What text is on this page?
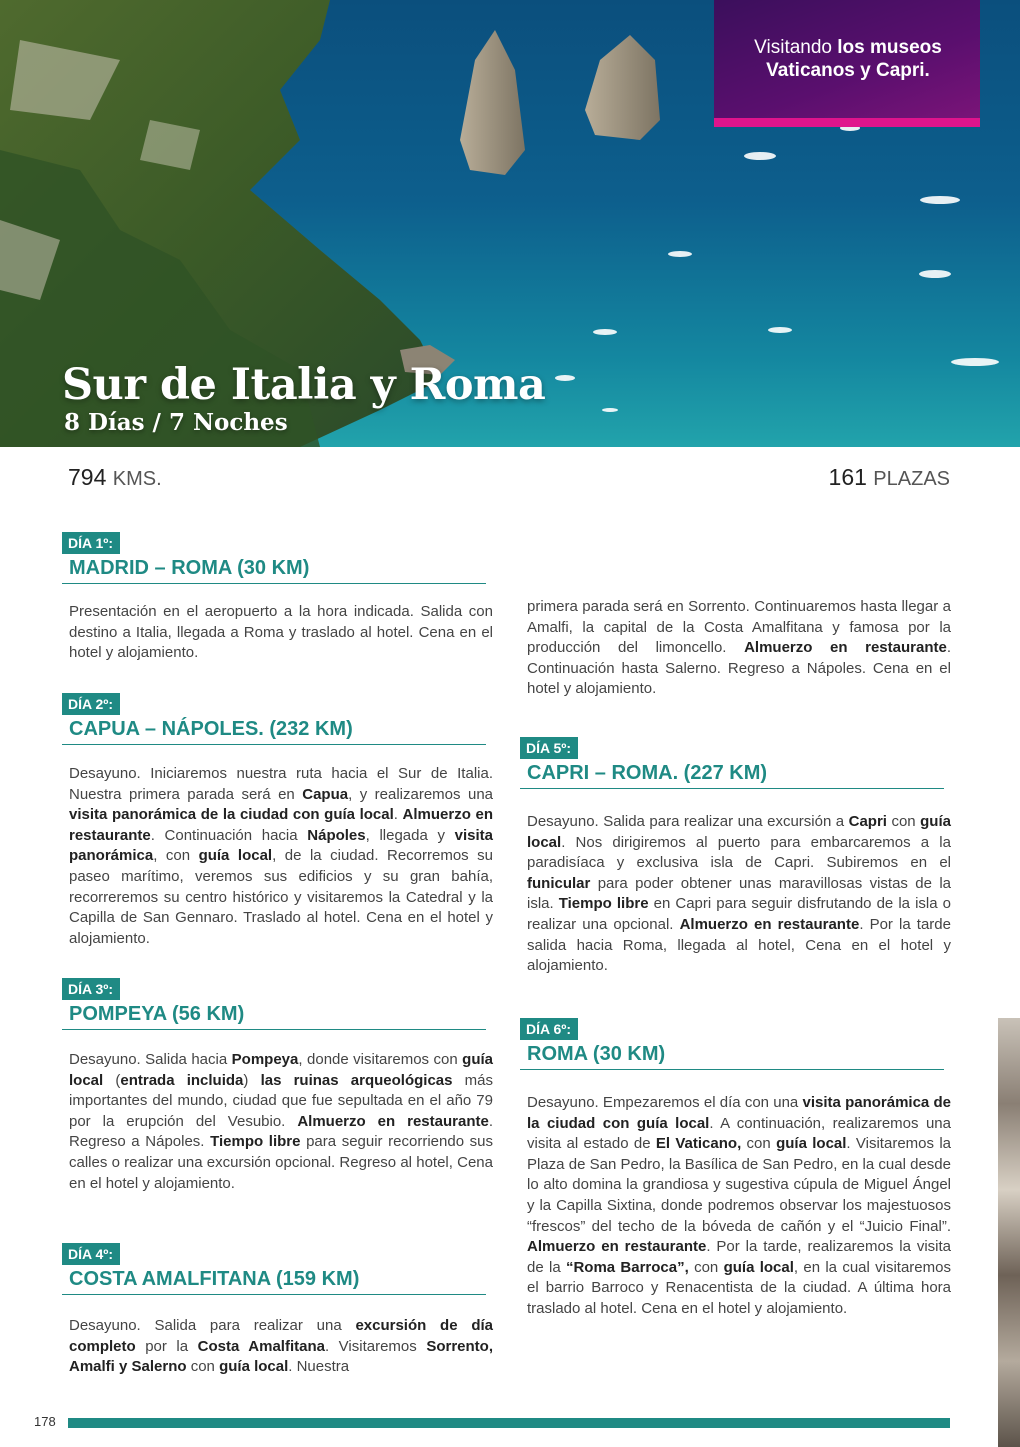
Visitando los museos
Vaticanos y Capri.
Sur de Italia y Roma
8 Días / 7 Noches
794 KMS.	161 PLAZAS
DÍA 1º:
MADRID – ROMA (30 KM)
Presentación en el aeropuerto a la hora indicada. Salida con destino a Italia, llegada a Roma y traslado al hotel. Cena en el hotel y alojamiento.
DÍA 2º:
CAPUA – NÁPOLES. (232 KM)
Desayuno. Iniciaremos nuestra ruta hacia el Sur de Italia. Nuestra primera parada será en Capua, y realizaremos una visita panorámica de la ciudad con guía local. Almuerzo en restaurante. Continuación hacia Nápoles, llegada y visita panorámica, con guía local, de la ciudad. Recorremos su paseo marítimo, veremos sus edificios y su gran bahía, recorreremos su centro histórico y visitaremos la Catedral y la Capilla de San Gennaro. Traslado al hotel. Cena en el hotel y alojamiento.
DÍA 3º:
POMPEYA (56 KM)
Desayuno. Salida hacia Pompeya, donde visitaremos con guía local (entrada incluida) las ruinas arqueológicas más importantes del mundo, ciudad que fue sepultada en el año 79 por la erupción del Vesubio. Almuerzo en restaurante. Regreso a Nápoles. Tiempo libre para seguir recorriendo sus calles o realizar una excursión opcional. Regreso al hotel, Cena en el hotel y alojamiento.
DÍA 4º:
COSTA AMALFITANA (159 KM)
Desayuno. Salida para realizar una excursión de día completo por la Costa Amalfitana. Visitaremos Sorrento, Amalfi y Salerno con guía local. Nuestra
primera parada será en Sorrento. Continuaremos hasta llegar a Amalfi, la capital de la Costa Amalfitana y famosa por la producción del limoncello. Almuerzo en restaurante. Continuación hasta Salerno. Regreso a Nápoles. Cena en el hotel y alojamiento.
DÍA 5º:
CAPRI – ROMA. (227 KM)
Desayuno. Salida para realizar una excursión a Capri con guía local. Nos dirigiremos al puerto para embarcaremos a la paradisíaca y exclusiva isla de Capri. Subiremos en el funicular para poder obtener unas maravillosas vistas de la isla. Tiempo libre en Capri para seguir disfrutando de la isla o realizar una opcional. Almuerzo en restaurante. Por la tarde salida hacia Roma, llegada al hotel, Cena en el hotel y alojamiento.
DÍA 6º:
ROMA (30 KM)
Desayuno. Empezaremos el día con una visita panorámica de la ciudad con guía local. A continuación, realizaremos una visita al estado de El Vaticano, con guía local. Visitaremos la Plaza de San Pedro, la Basílica de San Pedro, en la cual desde lo alto domina la grandiosa y sugestiva cúpula de Miguel Ángel y la Capilla Sixtina, donde podremos observar los majestuosos “frescos” del techo de la bóveda de cañón y el “Juicio Final”. Almuerzo en restaurante. Por la tarde, realizaremos la visita de la “Roma Barroca”, con guía local, en la cual visitaremos el barrio Barroco y Renacentista de la ciudad. A última hora traslado al hotel. Cena en el hotel y alojamiento.
178
